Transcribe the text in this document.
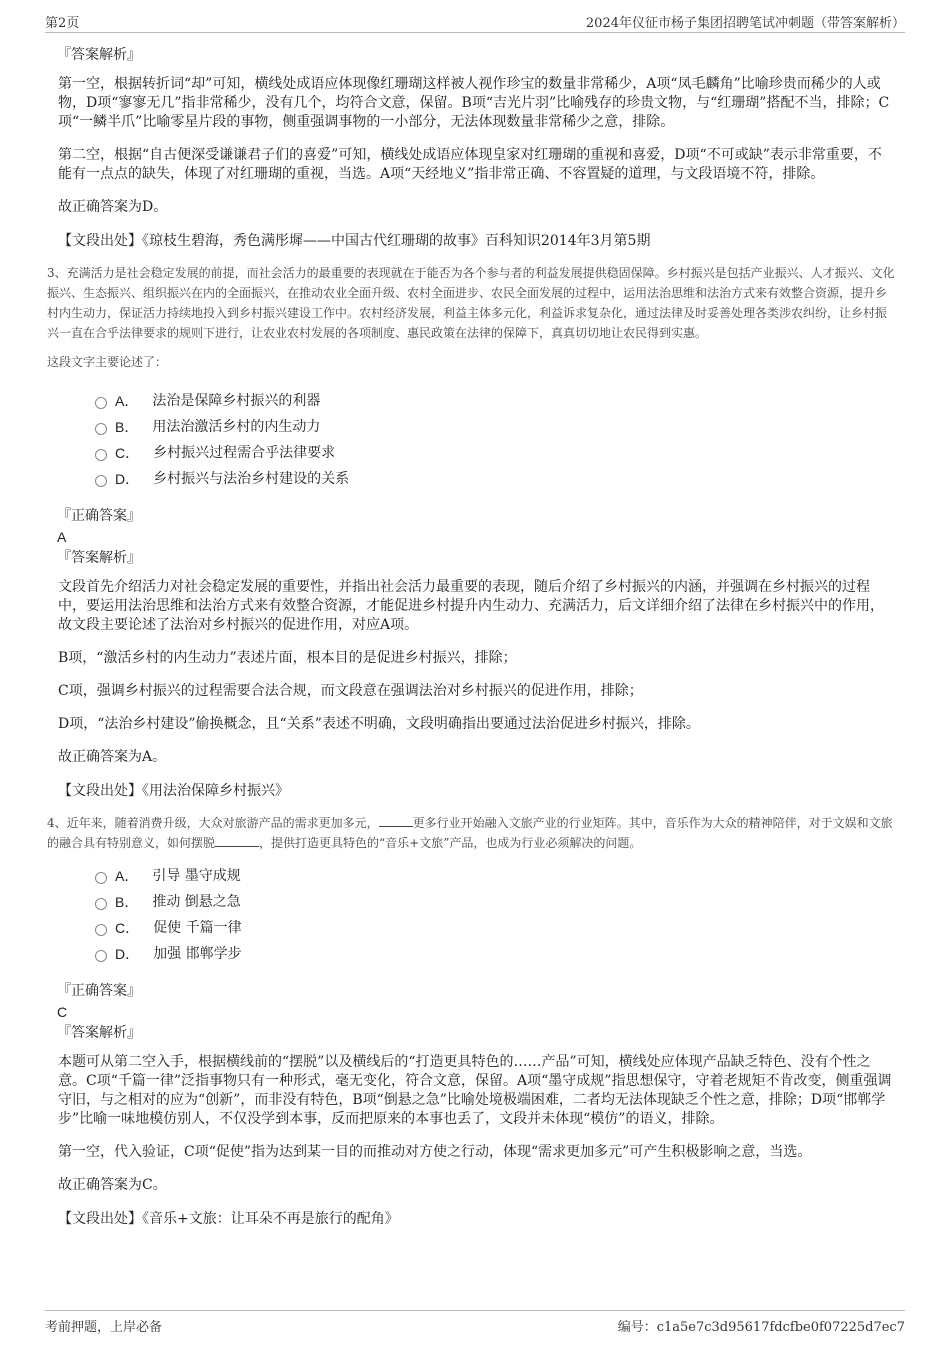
第2页	2024年仪征市杨子集团招聘笔试冲刺题（带答案解析）
『答案解析』

第一空，根据转折词“却”可知，横线处成语应体现像红珊瑚这样被人视作珍宝的数量非常稀少，A项“凤毛麟角”比喻珍贵而稀少的人或物，D项“寥寥无几”指非常稀少，没有几个，均符合文意，保留。B项“吉光片羽”比喻残存的珍贵文物，与“红珊瑚”搭配不当，排除；C项“一鳞半爪”比喻零星片段的事物，侧重强调事物的一小部分，无法体现数量非常稀少之意，排除。

第二空，根据“自古便深受谦谦君子们的喜爱”可知，横线处成语应体现皇家对红珊瑚的重视和喜爱，D项“不可或缺”表示非常重要，不能有一点点的缺失，体现了对红珊瑚的重视，当选。A项“天经地义”指非常正确、不容置疑的道理，与文段语境不符，排除。

故正确答案为D。

【文段出处】《琼枝生碧海，秀色满彤墀——中国古代红珊瑚的故事》百科知识2014年3月第5期

3、充满活力是社会稳定发展的前提，而社会活力的最重要的表现就在于能否为各个参与者的利益发展提供稳固保障。乡村振兴是包括产业振兴、人才振兴、文化振兴、生态振兴、组织振兴在内的全面振兴，在推动农业全面升级、农村全面进步、农民全面发展的过程中，运用法治思维和法治方式来有效整合资源，提升乡村内生动力，保证活力持续地投入到乡村振兴建设工作中。农村经济发展，利益主体多元化，利益诉求复杂化，通过法律及时妥善处理各类涉农纠纷，让乡村振兴一直在合乎法律要求的规则下进行，让农业农村发展的各项制度、惠民政策在法律的保障下，真真切切地让农民得到实惠。

这段文字主要论述了：

A． 法治是保障乡村振兴的利器
B． 用法治激活乡村的内生动力
C． 乡村振兴过程需合乎法律要求
D． 乡村振兴与法治乡村建设的关系
『正确答案』
A
『答案解析』

文段首先介绍活力对社会稳定发展的重要性，并指出社会活力最重要的表现，随后介绍了乡村振兴的内涵，并强调在乡村振兴的过程中，要运用法治思维和法治方式来有效整合资源，才能促进乡村提升内生动力、充满活力，后文详细介绍了法律在乡村振兴中的作用，故文段主要论述了法治对乡村振兴的促进作用，对应A项。

B项，“激活乡村的内生动力”表述片面，根本目的是促进乡村振兴，排除；

C项，强调乡村振兴的过程需要合法合规，而文段意在强调法治对乡村振兴的促进作用，排除；

D项，“法治乡村建设”偷换概念，且“关系”表述不明确，文段明确指出要通过法治促进乡村振兴，排除。

故正确答案为A。

【文段出处】《用法治保障乡村振兴》

4、近年来，随着消费升级，大众对旅游产品的需求更加多元，	更多行业开始融入文旅产业的行业矩阵。其中，音乐作为大众的精神陪伴，对于文娱和文旅的融合具有特别意义，如何摆脱	，提供打造更具特色的“音乐+文旅”产品，也成为行业必须解决的问题。

A． 引导 墨守成规
B． 推动 倒悬之急
C． 促使 千篇一律
D． 加强 邯郸学步
『正确答案』
C
『答案解析』

本题可从第二空入手，根据横线前的“摆脱”以及横线后的“打造更具特色的……产品”可知，横线处应体现产品缺乏特色、没有个性之意。C项“千篇一律”泛指事物只有一种形式，毫无变化，符合文意，保留。A项“墨守成规”指思想保守，守着老规矩不肯改变，侧重强调守旧，与之相对的应为“创新”，而非没有特色，B项“倒悬之急”比喻处境极端困难，二者均无法体现缺乏个性之意，排除；D项“邯郸学步”比喻一味地模仿别人，不仅没学到本事，反而把原来的本事也丢了，文段并未体现“模仿”的语义，排除。

第一空，代入验证，C项“促使”指为达到某一目的而推动对方使之行动，体现“需求更加多元”可产生积极影响之意，当选。

故正确答案为C。

【文段出处】《音乐+文旅：让耳朵不再是旅行的配角》

考前押题，上岸必备	编号：c1a5e7c3d95617fdcfbe0f07225d7ec7
